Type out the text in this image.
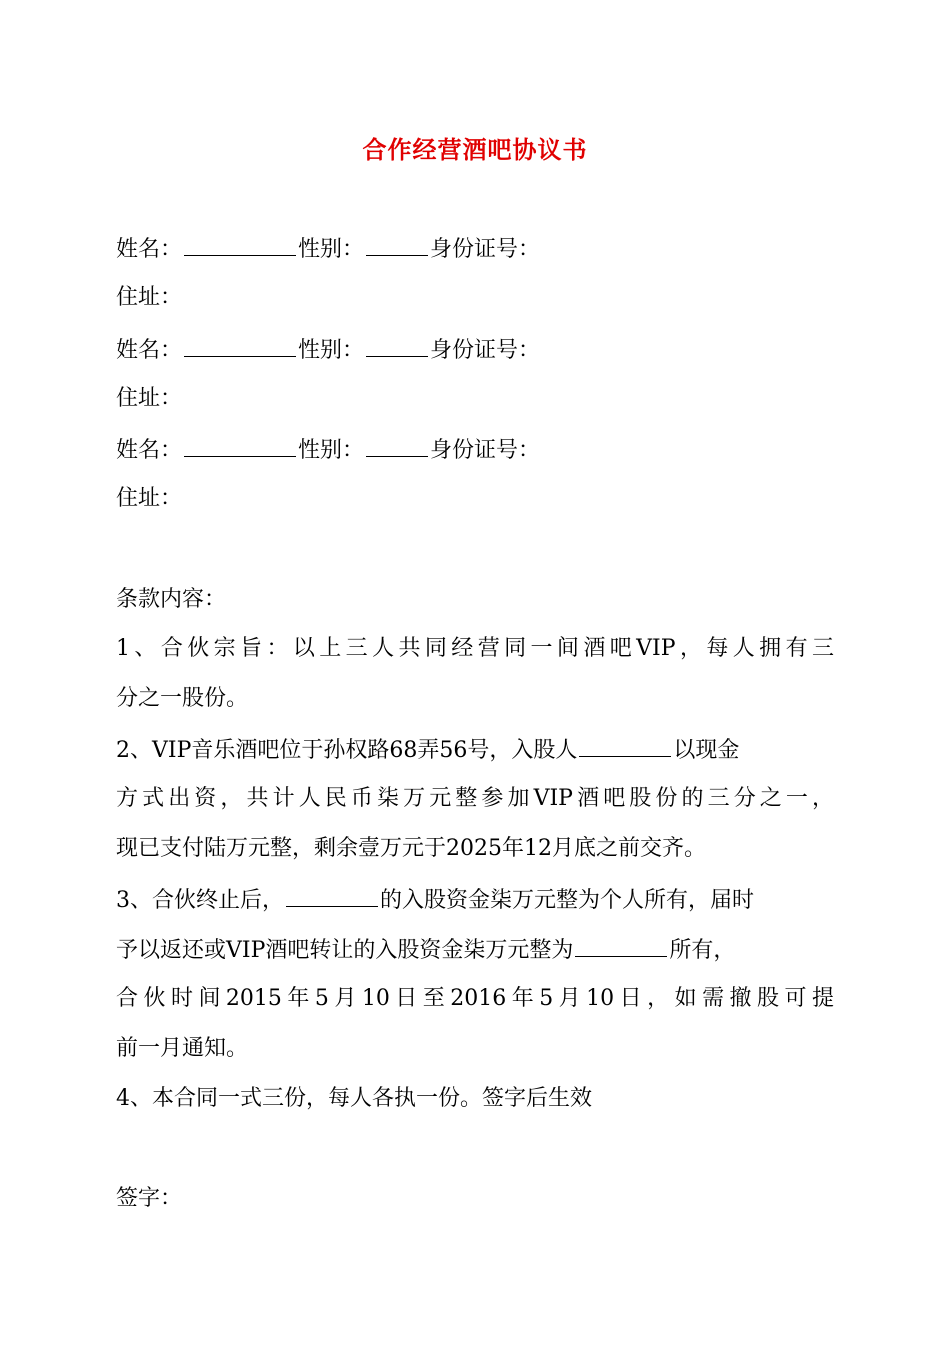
合作经营酒吧协议书
姓名：	性别：	身份证号：
住址：
姓名：	性别：	身份证号：
住址：
姓名：	性别：	身份证号：
住址：
条款内容：
1、合伙宗旨：以上三人共同经营同一间酒吧VIP，每人拥有三
分之一股份。
2、VIP音乐酒吧位于孙权路68弄56号，入股人	以现金
方式出资，共计人民币柒万元整参加VIP酒吧股份的三分之一，
现已支付陆万元整，剩余壹万元于2025年12月底之前交齐。
3、合伙终止后，	的入股资金柒万元整为个人所有，届时
予以返还或VIP酒吧转让的入股资金柒万元整为	所有，
合伙时间2015年5月10日至2016年5月10日，如需撤股可提
前一月通知。
4、本合同一式三份，每人各执一份。签字后生效
签字：
